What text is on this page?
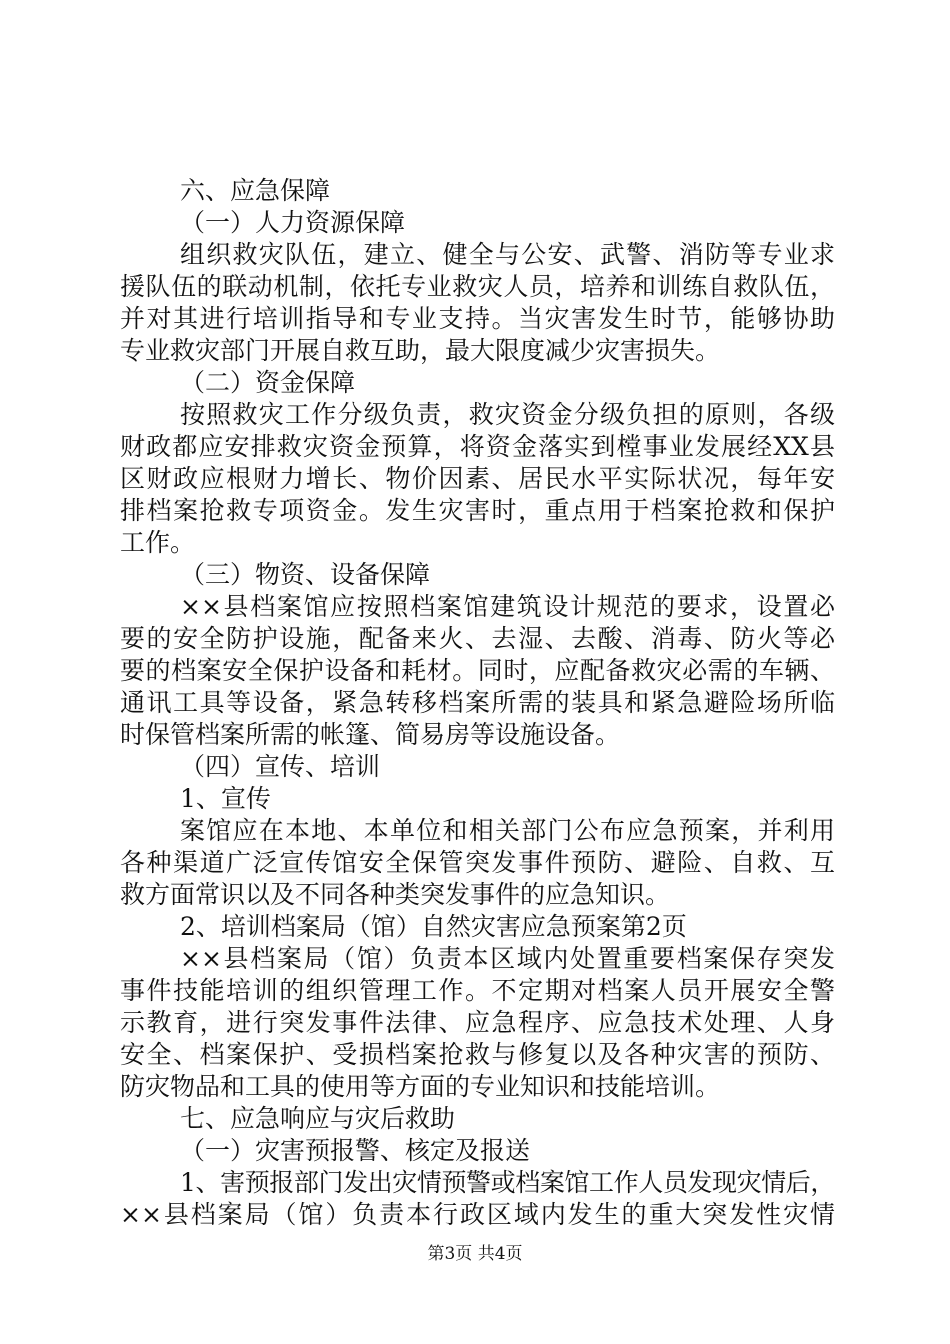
六、应急保障
（一）人力资源保障
组织救灾队伍，建立、健全与公安、武警、消防等专业求
援队伍的联动机制，依托专业救灾人员，培养和训练自救队伍，
并对其进行培训指导和专业支持。当灾害发生时节，能够协助
专业救灾部门开展自救互助，最大限度减少灾害损失。
（二）资金保障
按照救灾工作分级负责，救灾资金分级负担的原则，各级
财政都应安排救灾资金预算，将资金落实到樘事业发展经XX县
区财政应根财力增长、物价因素、居民水平实际状况，每年安
排档案抢救专项资金。发生灾害时，重点用于档案抢救和保护
工作。
（三）物资、设备保障
××县档案馆应按照档案馆建筑设计规范的要求，设置必
要的安全防护设施，配备来火、去湿、去酸、消毒、防火等必
要的档案安全保护设备和耗材。同时，应配备救灾必需的车辆、
通讯工具等设备，紧急转移档案所需的装具和紧急避险场所临
时保管档案所需的帐篷、简易房等设施设备。
（四）宣传、培训
1、宣传
案馆应在本地、本单位和相关部门公布应急预案，并利用
各种渠道广泛宣传馆安全保管突发事件预防、避险、自救、互
救方面常识以及不同各种类突发事件的应急知识。
2、培训档案局（馆）自然灾害应急预案第2页
××县档案局（馆）负责本区域内处置重要档案保存突发
事件技能培训的组织管理工作。不定期对档案人员开展安全警
示教育，进行突发事件法律、应急程序、应急技术处理、人身
安全、档案保护、受损档案抢救与修复以及各种灾害的预防、
防灾物品和工具的使用等方面的专业知识和技能培训。
七、应急响应与灾后救助
（一）灾害预报警、核定及报送
1、害预报部门发出灾情预警或档案馆工作人员发现灾情后，
××县档案局（馆）负责本行政区域内发生的重大突发性灾情
第3页 共4页
